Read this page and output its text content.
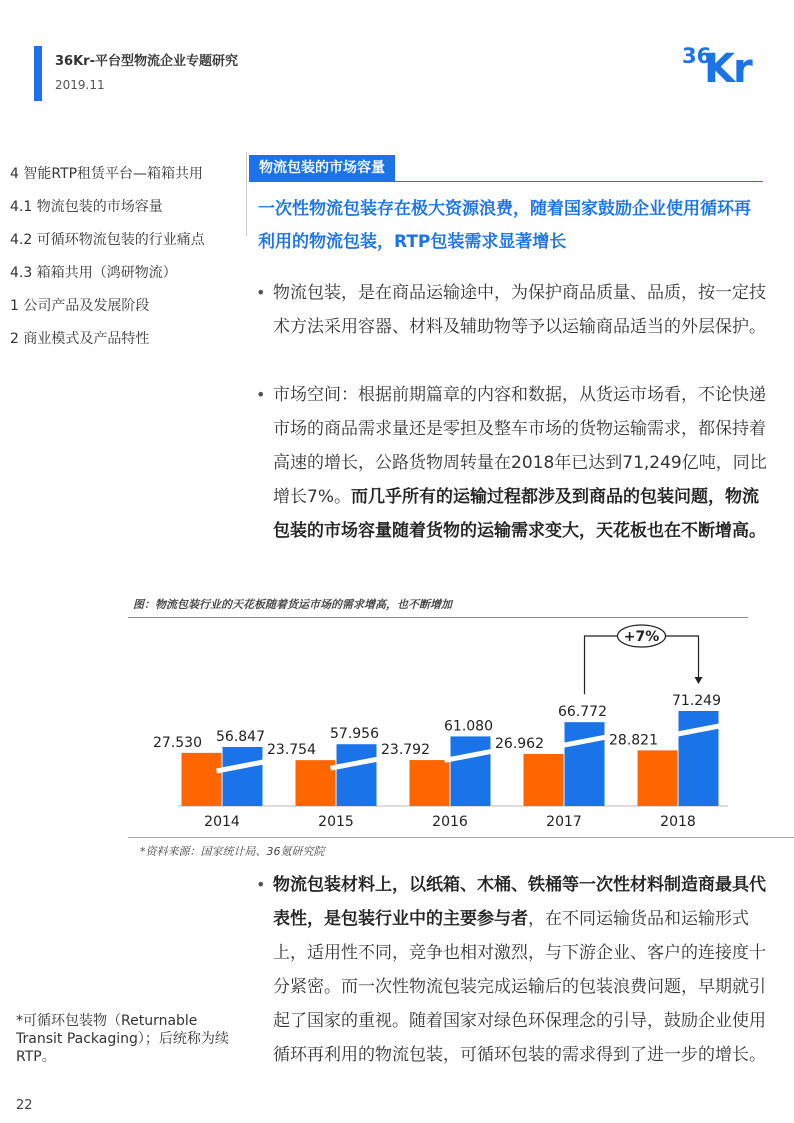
36Kr-平台型物流企业专题研究
2019.11
36
Kr
4 智能RTP租赁平台—箱箱共用
4.1 物流包装的市场容量
4.2 可循环物流包装的行业痛点
4.3 箱箱共用（鸿研物流）
1 公司产品及发展阶段
2 商业模式及产品特性
物流包装的市场容量
一次性物流包装存在极大资源浪费，随着国家鼓励企业使用循环再利用的物流包装，RTP包装需求显著增长
• 物流包装，是在商品运输途中，为保护商品质量、品质，按一定技术方法采用容器、材料及辅助物等予以运输商品适当的外层保护。
• 市场空间：根据前期篇章的内容和数据，从货运市场看，不论快递市场的商品需求量还是零担及整车市场的货物运输需求，都保持着高速的增长，公路货物周转量在2018年已达到71,249亿吨，同比增长7%。而几乎所有的运输过程都涉及到商品的包装问题，物流包装的市场容量随着货物的运输需求变大，天花板也在不断增高。
图：物流包装行业的天花板随着货运市场的需求增高，也不断增加
27.530 56.847
2014
23.754
57.956
2015
23.792
61.080
2016
26.962
66.772
2017
28.821
71.249
2018
+7%
*资料来源：国家统计局、36氪研究院
• 物流包装材料上，以纸箱、木桶、铁桶等一次性材料制造商最具代表性，是包装行业中的主要参与者，在不同运输货品和运输形式上，适用性不同，竞争也相对激烈，与下游企业、客户的连接度十分紧密。而一次性物流包装完成运输后的包装浪费问题，早期就引起了国家的重视。随着国家对绿色环保理念的引导，鼓励企业使用循环再利用的物流包装，可循环包装的需求得到了进一步的增长。
*可循环包装物（Returnable Transit Packaging）；后统称为续RTP。
22
